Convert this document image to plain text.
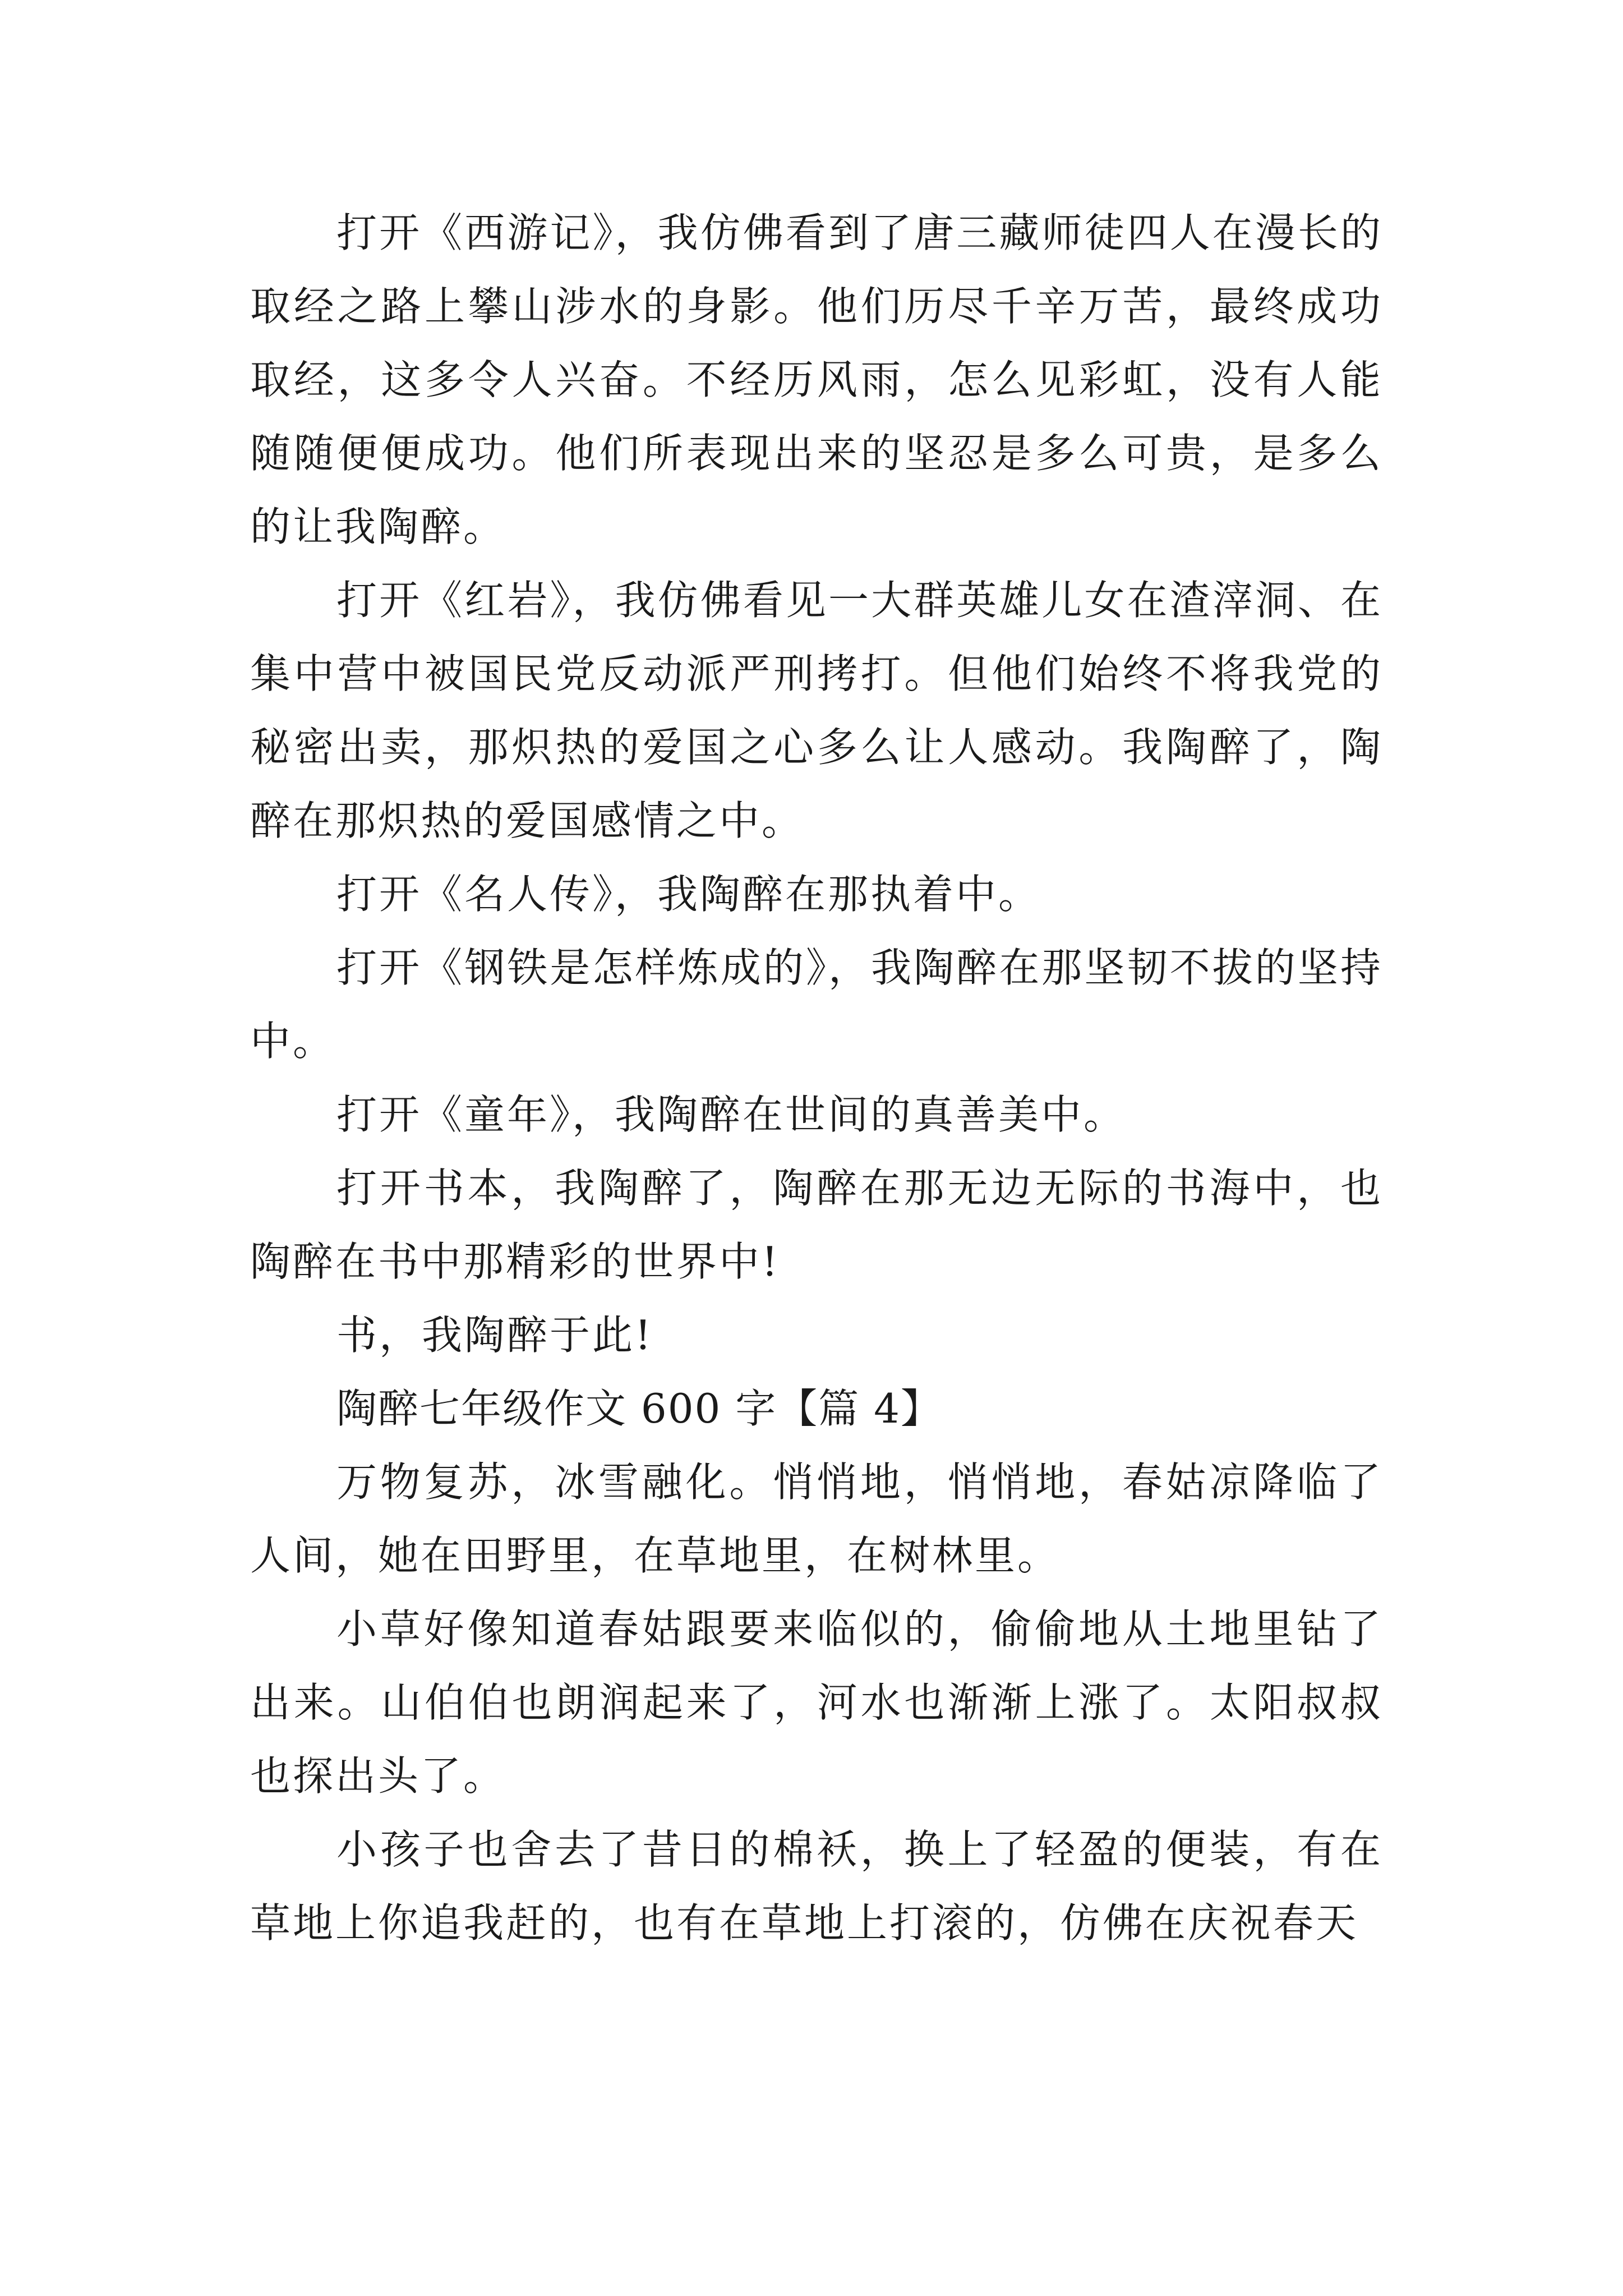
打开《西游记》，我仿佛看到了唐三藏师徒四人在漫长的取经之路上攀山涉水的身影。他们历尽千辛万苦，最终成功取经，这多令人兴奋。不经历风雨，怎么见彩虹，没有人能随随便便成功。他们所表现出来的坚忍是多么可贵，是多么的让我陶醉。

打开《红岩》，我仿佛看见一大群英雄儿女在渣滓洞、在集中营中被国民党反动派严刑拷打。但他们始终不将我党的秘密出卖，那炽热的爱国之心多么让人感动。我陶醉了，陶醉在那炽热的爱国感情之中。

打开《名人传》，我陶醉在那执着中。

打开《钢铁是怎样炼成的》，我陶醉在那坚韧不拔的坚持中。

打开《童年》，我陶醉在世间的真善美中。

打开书本，我陶醉了，陶醉在那无边无际的书海中，也陶醉在书中那精彩的世界中!

书，我陶醉于此!

陶醉七年级作文 600 字【篇 4】

万物复苏，冰雪融化。悄悄地，悄悄地，春姑凉降临了人间，她在田野里，在草地里，在树林里。

小草好像知道春姑跟要来临似的，偷偷地从土地里钻了出来。山伯伯也朗润起来了，河水也渐渐上涨了。太阳叔叔也探出头了。

小孩子也舍去了昔日的棉袄，换上了轻盈的便装，有在草地上你追我赶的，也有在草地上打滚的，仿佛在庆祝春天
